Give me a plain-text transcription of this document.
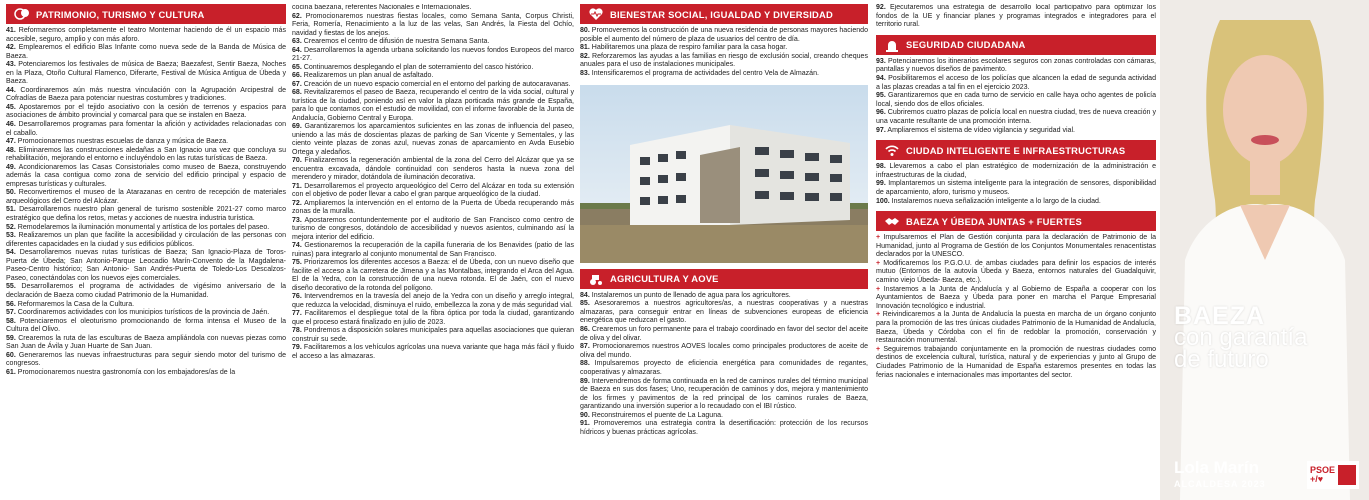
PATRIMONIO, TURISMO Y CULTURA

41. Reformaremos completamente el teatro Montemar haciendo de él un espacio más accesible, seguro, amplio y con más aforo.

42. Emplearemos el edificio Blas Infante como nueva sede de la Banda de Música de Baeza.

43. Potenciaremos los festivales de música de Baeza; Baezafest, Sentir Baeza, Noches en la Plaza, Otoño Cultural Flamenco, Diferarte, Festival de Música Antigua de Úbeda y Baeza.

44. Coordinaremos aún más nuestra vinculación con la Agrupación Arcipestral de Cofradías de Baeza para potenciar nuestras costumbres y tradiciones.

45. Apostaremos por el tejido asociativo con la cesión de terrenos y espacios para asociaciones de ámbito provincial y comarcal para que se instalen en Baeza.

46. Desarrollaremos programas para fomentar la afición y actividades relacionadas con el caballo.

47. Promocionaremos nuestras escuelas de danza y música de Baeza.

48. Eliminaremos las construcciones aledañas a San Ignacio una vez que concluya su rehabilitación, mejorando el entorno e incluyéndolo en las rutas turísticas de Baeza.

49. Acondicionaremos las Casas Consistoriales como museo de Baeza, construyendo además la casa contigua como zona de servicio del edificio principal y espacio de empresas turísticas y culturales.

50. Reconvertiremos el museo de la Atarazanas en centro de recepción de materiales arqueológicos del Cerro del Alcázar.

51. Desarrollaremos nuestro plan general de turismo sostenible 2021-27 como marco estratégico que defina los retos, metas y acciones de nuestra industria turística.

52. Remodelaremos la iluminación monumental y artística de los portales del paseo.

53. Realizaremos un plan que facilite la accesibilidad y circulación de las personas con diferentes capacidades en la ciudad y sus edificios públicos.

54. Desarrollaremos nuevas rutas turísticas de Baeza; San Ignacio-Plaza de Toros- Puerta de Úbeda; San Antonio-Parque Leocadio Marín-Convento de la Magdalena-Paseo-Centro histórico; San Antonio- San Andrés-Puerta de Toledo-Los Descalzos-Paseo, conectándolas con los nuevos ejes comerciales.

55. Desarrollaremos el programa de actividades de vigésimo aniversario de la declaración de Baeza como ciudad Patrimonio de la Humanidad.

56. Reformaremos la Casa de la Cultura.

57. Coordinaremos actividades con los municipios turísticos de la provincia de Jaén.

58. Potenciaremos el oleoturismo promocionando de forma intensa el Museo de la Cultura del Olivo.

59. Crearemos la ruta de las esculturas de Baeza ampliándola con nuevas piezas como San Juan de Ávila y Juan Huarte de San Juan.

60. Generaremos las nuevas infraestructuras para seguir siendo motor del turismo de congresos.

61. Promocionaremos nuestra gastronomía con los embajadores/as de la

cocina baezana, referentes Nacionales e Internacionales.

62. Promocionaremos nuestras fiestas locales, como Semana Santa, Corpus Christi, Feria, Romería, Renacimiento a la luz de las velas, San Andrés, la Fiesta del Ochío, navidad y fiestas de los anejos.

63. Crearemos el centro de difusión de nuestra Semana Santa.

64. Desarrollaremos la agenda urbana solicitando los nuevos fondos Europeos del marco 21-27.

65. Continuaremos desplegando el plan de soterramiento del casco histórico.

66. Realizaremos un plan anual de asfaltado.

67. Creación de un nuevo espacio comercial en el entorno del parking de autocaravanas.

68. Revitalizaremos el paseo de Baeza, recuperando el centro de la vida social, cultural y turística de la ciudad, poniendo así en valor la plaza porticada más grande de España, para lo que contamos con el estudio de movilidad, con el informe favorable de la Junta de Andalucía, Gobierno Central y Europa.

69. Garantizaremos los aparcamientos suficientes en las zonas de influencia del paseo, uniendo a las más de doscientas plazas de parking de San Vicente y Sementales, y las ciento veinte plazas de zonas azul, nuevas zonas de aparcamiento en Avda Eusebio Ortega y aledaños.

70. Finalizaremos la regeneración ambiental de la zona del Cerro del Alcázar que ya se encuentra excavada, dándole continuidad con senderos hasta la nueva zona del merendero y mirador, dotándola de iluminación decorativa.

71. Desarrollaremos el proyecto arqueológico del Cerro del Alcázar en toda su extensión con el objetivo de poder llevar a cabo el gran parque arqueológico de la ciudad.

72. Ampliaremos la intervención en el entorno de la Puerta de Úbeda recuperando más zonas de la muralla.

73. Apostaremos contundentemente por el auditorio de San Francisco como centro de turismo de congresos, dotándolo de accesibilidad y nuevos asientos, culminando así la mejora interior del edificio.

74. Gestionaremos la recuperación de la capilla funeraria de los Benavides (patio de las ruinas) para integrarlo al conjunto monumental de San Francisco.

75. Priorizaremos los diferentes accesos a Baeza: el de Úbeda, con un nuevo diseño que facilite el acceso a la carretera de Jimena y a las Montalbas, integrando el Arca del Agua. El de la Yedra, con la construcción de una nueva rotonda. El de Jaén, con el nuevo diseño decorativo de la rotonda del polígono.

76. Intervendremos en la travesía del anejo de la Yedra con un diseño y arreglo integral, que reduzca la velocidad, disminuya el ruido, embellezca la zona y de más seguridad vial.

77. Facilitaremos el despliegue total de la fibra óptica por toda la ciudad, garantizando que el proceso estará finalizado en julio de 2023.

78. Pondremos a disposición solares municipales para aquellas asociaciones que quieran construir su sede.

79. Facilitaremos a los vehículos agrícolas una nueva variante que haga más fácil y fluido el acceso a las almazaras.

BIENESTAR SOCIAL, IGUALDAD Y DIVERSIDAD

80. Promoveremos la construcción de una nueva residencia de personas mayores haciendo posible el aumento del número de plaza de usuarios del centro de día.

81. Habilitaremos una plaza de respiro familiar para la casa hogar.

82. Reforzaremos las ayudas a las familias en riesgo de exclusión social, creando cheques anuales para el uso de instalaciones municipales.

83. Intensificaremos el programa de actividades del centro Vela de Almazán.

AGRICULTURA Y AOVE

84. Instalaremos un punto de llenado de agua para los agricultores.

85. Asesoraremos a nuestros agricultores/as, a nuestras cooperativas y a nuestras almazaras, para conseguir entrar en líneas de subvenciones europeas de eficiencia energética que reduzcan el gasto.

86. Crearemos un foro permanente para el trabajo coordinado en favor del sector del aceite de oliva y del olivar.

87. Promocionaremos nuestros AOVES locales como principales productores de aceite de oliva del mundo.

88. Impulsaremos proyecto de eficiencia energética para comunidades de regantes, cooperativas y almazaras.

89. Intervendremos de forma continuada en la red de caminos rurales del término municipal de Baeza en sus dos fases; Uno, recuperación de caminos y dos, mejora y mantenimiento de los firmes y pavimentos de la red principal de los caminos rurales de Baeza, garantizando una inversión superior a lo recaudado con el IBI rústico.

90. Reconstruiremos el puente de La Laguna.

91. Promoveremos una estrategia contra la desertificación: protección de los recursos hídricos y buenas prácticas agrícolas.

92. Ejecutaremos una estrategia de desarrollo local participativo para optimizar los fondos de la UE y financiar planes y programas integrados e integradores para el territorio rural.

SEGURIDAD CIUDADANA

93. Potenciaremos los itinerarios escolares seguros con zonas controladas con cámaras, pantallas y nuevos diseños de pavimento.

94. Posibilitaremos el acceso de los policías que alcancen la edad de segunda actividad a las plazas creadas a tal fin en el ejercicio 2023.

95. Garantizaremos que en cada turno de servicio en calle haya ocho agentes de policía local, siendo dos de ellos oficiales.

96. Cubriremos cuatro plazas de policía local en nuestra ciudad, tres de nueva creación y una vacante resultante de una promoción interna.

97. Ampliaremos el sistema de vídeo vigilancia y seguridad vial.

CIUDAD INTELIGENTE E INFRAESTRUCTURAS

98. Llevaremos a cabo el plan estratégico de modernización de la administración e infraestructuras de la ciudad,

99. Implantaremos un sistema inteligente para la integración de sensores, disponibilidad de aparcamiento, aforo, turismo y museos.

100. Instalaremos nueva señalización inteligente a lo largo de la ciudad.

BAEZA Y ÚBEDA JUNTAS + FUERTES

+ Impulsaremos el Plan de Gestión conjunta para la declaración de Patrimonio de la Humanidad, junto al Programa de Gestión de los Conjuntos Monumentales renacentistas declarados por la UNESCO.

+ Modificaremos los P.G.O.U. de ambas ciudades para definir los espacios de interés mutuo (Entornos de la autovía Úbeda y Baeza, entornos naturales del Guadalquivir, camino viejo Úbeda- Baeza, etc.).

+ Instaremos a la Junta de Andalucía y al Gobierno de España a cooperar con los Ayuntamientos de Baeza y Úbeda para poner en marcha el Parque Empresarial Innovación tecnológico e industrial.

+ Reivindicaremos a la Junta de Andalucía la puesta en marcha de un órgano conjunto para la promoción de las tres únicas ciudades Patrimonio de la Humanidad de Andalucía, Baeza, Úbeda y Córdoba con el fin de redoblar la promoción, conservación y restauración monumental.

+ Seguiremos trabajando conjuntamente en la promoción de nuestras ciudades como destinos de excelencia cultural, turística, natural y de experiencias y junto al Grupo de Ciudades Patrimonio de la Humanidad de España estaremos presentes en todas las ferias nacionales e internacionales mas importantes del sector.

BAEZA
con garantía
de futuro
Lola Marín
ALCALDESA 2023
PSOE
+/♥
